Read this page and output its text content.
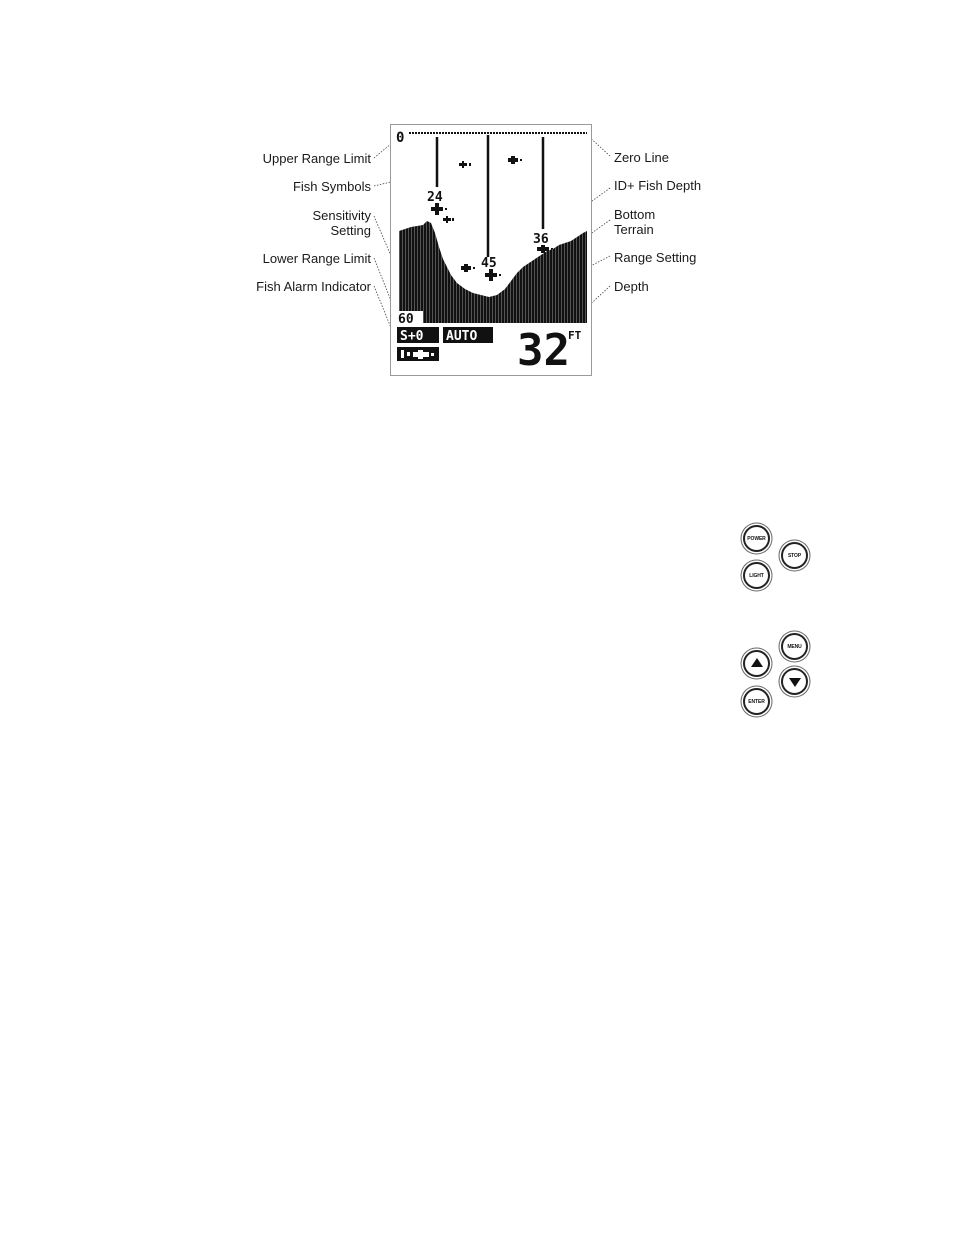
Upper Range Limit
Fish Symbols
Sensitivity Setting
Lower Range Limit
Fish Alarm Indicator
Zero Line
ID+ Fish Depth
Bottom Terrain
Range Setting
Depth
0
24
45
36
60
S+0 AUTO 32
FT
POWER
STOP
LIGHT
MENU
ENTER
